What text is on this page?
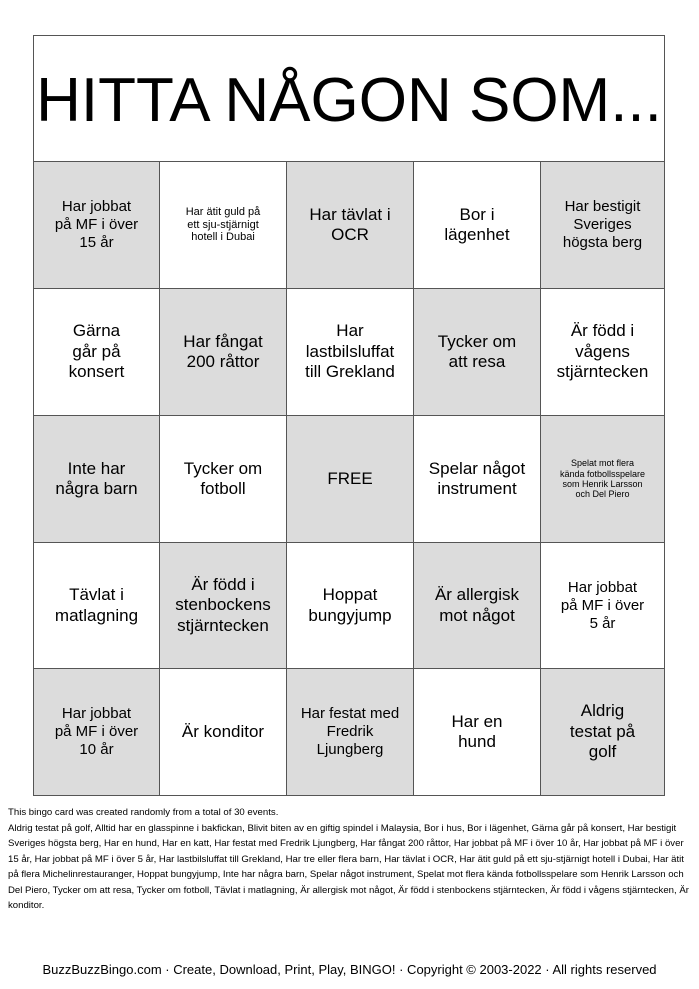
HITTA NÅGON SOM...
Har jobbat på MF i över 15 år
Har ätit guld på ett sju-stjärnigt hotell i Dubai
Har tävlat i OCR
Bor i lägenhet
Har bestigit Sveriges högsta berg
Gärna går på konsert
Har fångat 200 råttor
Har lastbilsluffat till Grekland
Tycker om att resa
Är född i vågens stjärntecken
Inte har några barn
Tycker om fotboll
FREE
Spelar något instrument
Spelat mot flera kända fotbollsspelare som Henrik Larsson och Del Piero
Tävlat i matlagning
Är född i stenbockens stjärntecken
Hoppat bungyjump
Är allergisk mot något
Har jobbat på MF i över 5 år
Har jobbat på MF i över 10 år
Är konditor
Har festat med Fredrik Ljungberg
Har en hund
Aldrig testat på golf
This bingo card was created randomly from a total of 30 events.
Aldrig testat på golf, Alltid har en glasspinne i bakfickan, Blivit biten av en giftig spindel i Malaysia, Bor i hus, Bor i lägenhet, Gärna går på konsert, Har bestigit Sveriges högsta berg, Har en hund, Har en katt, Har festat med Fredrik Ljungberg, Har fångat 200 råttor, Har jobbat på MF i över 10 år, Har jobbat på MF i över 15 år, Har jobbat på MF i över 5 år, Har lastbilsluffat till Grekland, Har tre eller flera barn, Har tävlat i OCR, Har ätit guld på ett sju-stjärnigt hotell i Dubai, Har ätit på flera Michelinrestauranger, Hoppat bungyjump, Inte har några barn, Spelar något instrument, Spelat mot flera kända fotbollsspelare som Henrik Larsson och Del Piero, Tycker om att resa, Tycker om fotboll, Tävlat i matlagning, Är allergisk mot något, Är född i stenbockens stjärntecken, Är född i vågens stjärntecken, Är konditor.
BuzzBuzzBingo.com · Create, Download, Print, Play, BINGO! · Copyright © 2003-2022 · All rights reserved
